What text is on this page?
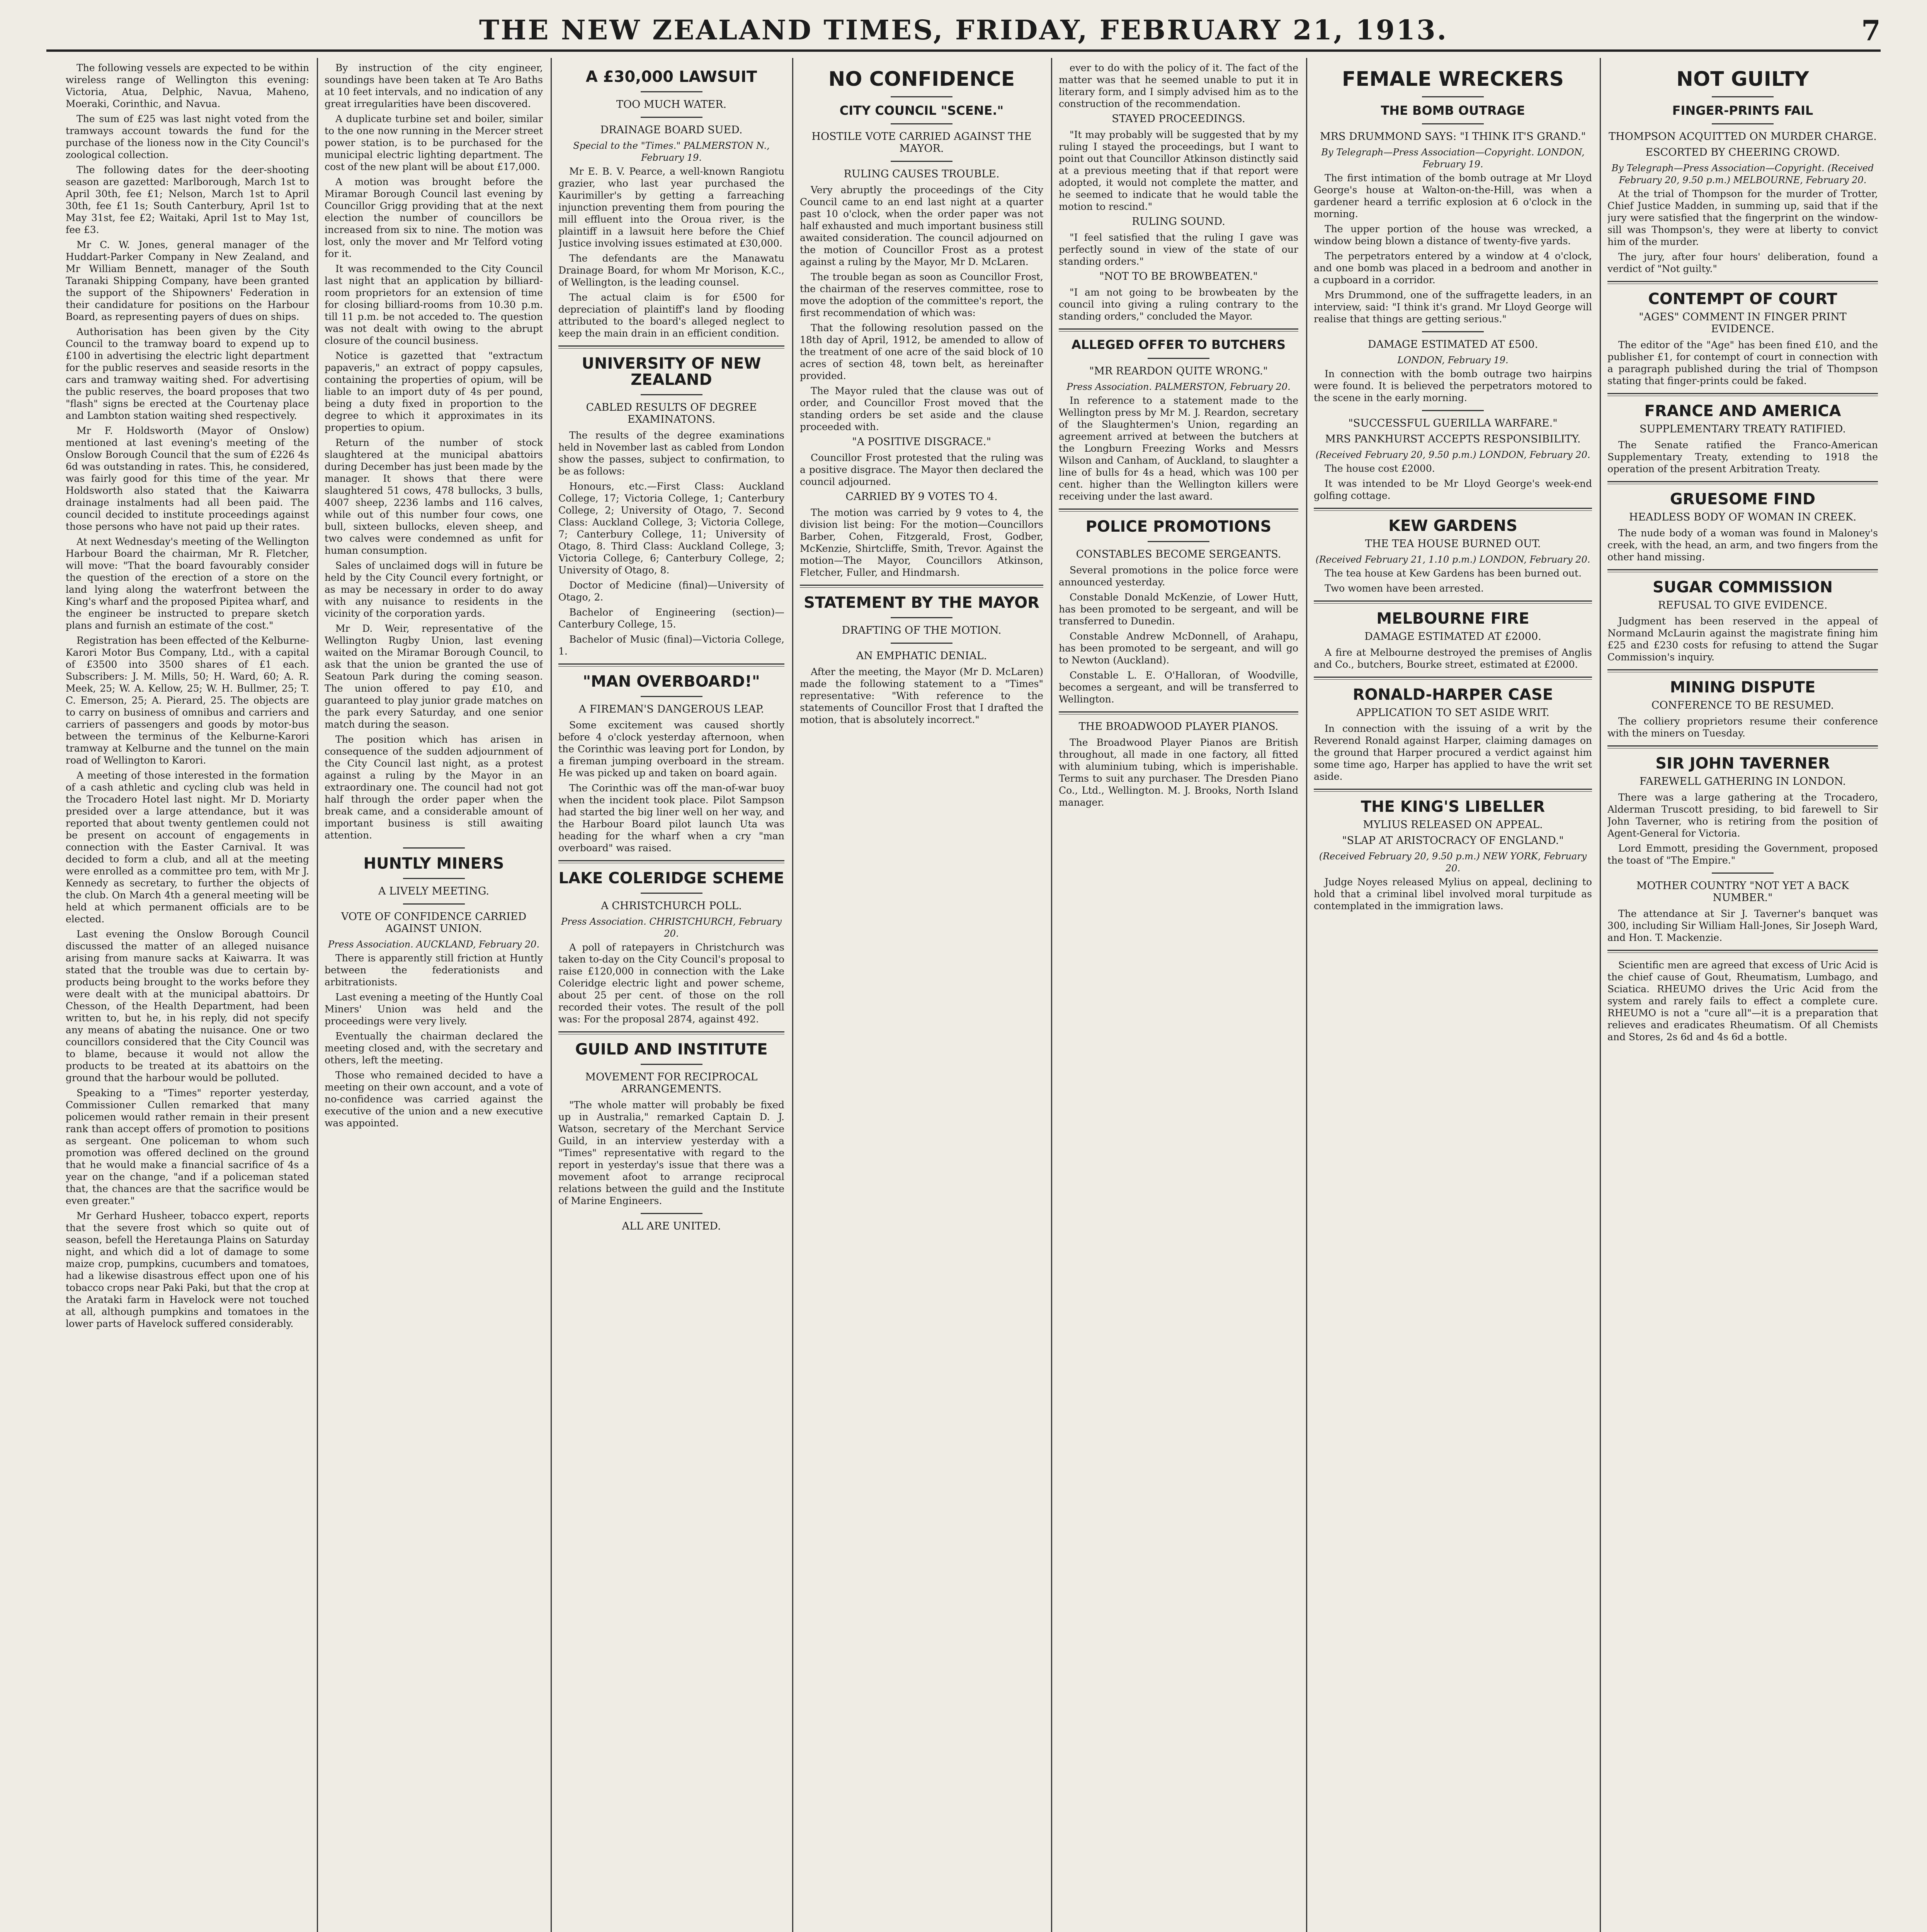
THE NEW ZEALAND TIMES, FRIDAY, FEBRUARY 21, 1913.	7

The following vessels are expected to be within wireless range of Wellington this evening: Victoria, Atua, Delphic, Navua, Maheno, Moeraki, Corinthic, and Navua.

The sum of £25 was last night voted from the tramways account towards the fund for the purchase of the lioness now in the City Council's zoological collection.

The following dates for the deer-shooting season are gazetted: Marlborough, March 1st to April 30th, fee £1; Nelson, March 1st to April 30th, fee £1 1s; South Canterbury, April 1st to May 31st, fee £2; Waitaki, April 1st to May 1st, fee £3.

Mr C. W. Jones, general manager of the Huddart-Parker Company in New Zealand, and Mr William Bennett, manager of the South Taranaki Shipping Company, have been granted the support of the Shipowners' Federation in their candidature for positions on the Harbour Board, as representing payers of dues on ships.

Authorisation has been given by the City Council to the tramway board to expend up to £100 in advertising the electric light department for the public reserves and seaside resorts in the cars and tramway waiting shed. For advertising the public reserves, the board proposes that two "flash" signs be erected at the Courtenay place and Lambton station waiting shed respectively.

Mr F. Holdsworth (Mayor of Onslow) mentioned at last evening's meeting of the Onslow Borough Council that the sum of £226 4s 6d was outstanding in rates. This, he considered, was fairly good for this time of the year. Mr Holdsworth also stated that the Kaiwarra drainage instalments had all been paid. The council decided to institute proceedings against those persons who have not paid up their rates.

At next Wednesday's meeting of the Wellington Harbour Board the chairman, Mr R. Fletcher, will move: "That the board favourably consider the question of the erection of a store on the land lying along the waterfront between the King's wharf and the proposed Pipitea wharf, and the engineer be instructed to prepare sketch plans and furnish an estimate of the cost."

Registration has been effected of the Kelburne-Karori Motor Bus Company, Ltd., with a capital of £3500 into 3500 shares of £1 each. Subscribers: J. M. Mills, 50; H. Ward, 60; A. R. Meek, 25; W. A. Kellow, 25; W. H. Bullmer, 25; T. C. Emerson, 25; A. Pierard, 25. The objects are to carry on business of omnibus and carriers and carriers of passengers and goods by motor-bus between the terminus of the Kelburne-Karori tramway at Kelburne and the tunnel on the main road of Wellington to Karori.

A meeting of those interested in the formation of a cash athletic and cycling club was held in the Trocadero Hotel last night. Mr D. Moriarty presided over a large attendance, but it was reported that about twenty gentlemen could not be present on account of engagements in connection with the Easter Carnival. It was decided to form a club, and all at the meeting were enrolled as a committee pro tem, with Mr J. Kennedy as secretary, to further the objects of the club. On March 4th a general meeting will be held at which permanent officials are to be elected.

Last evening the Onslow Borough Council discussed the matter of an alleged nuisance arising from manure sacks at Kaiwarra. It was stated that the trouble was due to certain by-products being brought to the works before they were dealt with at the municipal abattoirs. Dr Chesson, of the Health Department, had been written to, but he, in his reply, did not specify any means of abating the nuisance. One or two councillors considered that the City Council was to blame, because it would not allow the products to be treated at its abattoirs on the ground that the harbour would be polluted.

Speaking to a "Times" reporter yesterday, Commissioner Cullen remarked that many policemen would rather remain in their present rank than accept offers of promotion to positions as sergeant. One policeman to whom such promotion was offered declined on the ground that he would make a financial sacrifice of 4s a year on the change, "and if a policeman stated that, the chances are that the sacrifice would be even greater."

Mr Gerhard Husheer, tobacco expert, reports that the severe frost which so quite out of season, befell the Heretaunga Plains on Saturday night, and which did a lot of damage to some maize crop, pumpkins, cucumbers and tomatoes, had a likewise disastrous effect upon one of his tobacco crops near Paki Paki, but that the crop at the Arataki farm in Havelock were not touched at all, although pumpkins and tomatoes in the lower parts of Havelock suffered considerably.

By instruction of the city engineer, soundings have been taken at Te Aro Baths at 10 feet intervals, and no indication of any great irregularities have been discovered.

A duplicate turbine set and boiler, similar to the one now running in the Mercer street power station, is to be purchased for the municipal electric lighting department. The cost of the new plant will be about £17,000.

A motion was brought before the Miramar Borough Council last evening by Councillor Grigg providing that at the next election the number of councillors be increased from six to nine. The motion was lost, only the mover and Mr Telford voting for it.

It was recommended to the City Council last night that an application by billiard-room proprietors for an extension of time for closing billiard-rooms from 10.30 p.m. till 11 p.m. be not acceded to. The question was not dealt with owing to the abrupt closure of the council business.

Notice is gazetted that "extractum papaveris," an extract of poppy capsules, containing the properties of opium, will be liable to an import duty of 4s per pound, being a duty fixed in proportion to the degree to which it approximates in its properties to opium.

Return of the number of stock slaughtered at the municipal abattoirs during December has just been made by the manager. It shows that there were slaughtered 51 cows, 478 bullocks, 3 bulls, 4007 sheep, 2236 lambs and 116 calves, while out of this number four cows, one bull, sixteen bullocks, eleven sheep, and two calves were condemned as unfit for human consumption.

Sales of unclaimed dogs will in future be held by the City Council every fortnight, or as may be necessary in order to do away with any nuisance to residents in the vicinity of the corporation yards.

Mr D. Weir, representative of the Wellington Rugby Union, last evening waited on the Miramar Borough Council, to ask that the union be granted the use of Seatoun Park during the coming season. The union offered to pay £10, and guaranteed to play junior grade matches on the park every Saturday, and one senior match during the season.

The position which has arisen in consequence of the sudden adjournment of the City Council last night, as a protest against a ruling by the Mayor in an extraordinary one. The council had not got half through the order paper when the break came, and a considerable amount of important business is still awaiting attention.

HUNTLY MINERS
A LIVELY MEETING.
VOTE OF CONFIDENCE CARRIED AGAINST UNION.
Press Association. AUCKLAND, February 20.

There is apparently still friction at Huntly between the federationists and arbitrationists.

Last evening a meeting of the Huntly Coal Miners' Union was held and the proceedings were very lively.

Eventually the chairman declared the meeting closed and, with the secretary and others, left the meeting.

Those who remained decided to have a meeting on their own account, and a vote of no-confidence was carried against the executive of the union and a new executive was appointed.

A £30,000 LAWSUIT
TOO MUCH WATER.
DRAINAGE BOARD SUED.
Special to the "Times." PALMERSTON N., February 19.

Mr E. B. V. Pearce, a well-known Rangiotu grazier, who last year purchased the Kaurimiller's by getting a farreaching injunction preventing them from pouring the mill effluent into the Oroua river, is the plaintiff in a lawsuit here before the Chief Justice involving issues estimated at £30,000.

The defendants are the Manawatu Drainage Board, for whom Mr Morison, K.C., of Wellington, is the leading counsel.

The actual claim is for £500 for depreciation of plaintiff's land by flooding attributed to the board's alleged neglect to keep the main drain in an efficient condition.

UNIVERSITY OF NEW ZEALAND
CABLED RESULTS OF DEGREE EXAMINATONS.

The results of the degree examinations held in November last as cabled from London show the passes, subject to confirmation, to be as follows:

Honours, etc.—First Class: Auckland College, 17; Victoria College, 1; Canterbury College, 2; University of Otago, 7. Second Class: Auckland College, 3; Victoria College, 7; Canterbury College, 11; University of Otago, 8. Third Class: Auckland College, 3; Victoria College, 6; Canterbury College, 2; University of Otago, 8.

Doctor of Medicine (final)—University of Otago, 2.

Bachelor of Engineering (section)—Canterbury College, 15.

Bachelor of Music (final)—Victoria College, 1.

"MAN OVERBOARD!"
A FIREMAN'S DANGEROUS LEAP.

Some excitement was caused shortly before 4 o'clock yesterday afternoon, when the Corinthic was leaving port for London, by a fireman jumping overboard in the stream. He was picked up and taken on board again.

The Corinthic was off the man-of-war buoy when the incident took place. Pilot Sampson had started the big liner well on her way, and the Harbour Board pilot launch Uta was heading for the wharf when a cry "man overboard" was raised.

LAKE COLERIDGE SCHEME
A CHRISTCHURCH POLL.
Press Association. CHRISTCHURCH, February 20.

A poll of ratepayers in Christchurch was taken to-day on the City Council's proposal to raise £120,000 in connection with the Lake Coleridge electric light and power scheme, about 25 per cent. of those on the roll recorded their votes. The result of the poll was: For the proposal 2874, against 492.

GUILD AND INSTITUTE
MOVEMENT FOR RECIPROCAL ARRANGEMENTS.

"The whole matter will probably be fixed up in Australia," remarked Captain D. J. Watson, secretary of the Merchant Service Guild, in an interview yesterday with a "Times" representative with regard to the report in yesterday's issue that there was a movement afoot to arrange reciprocal relations between the guild and the Institute of Marine Engineers.

ALL ARE UNITED.
NO CONFIDENCE
CITY COUNCIL "SCENE."
HOSTILE VOTE CARRIED AGAINST THE MAYOR.
RULING CAUSES TROUBLE.

Very abruptly the proceedings of the City Council came to an end last night at a quarter past 10 o'clock, when the order paper was not half exhausted and much important business still awaited consideration. The council adjourned on the motion of Councillor Frost as a protest against a ruling by the Mayor, Mr D. McLaren.

The trouble began as soon as Councillor Frost, the chairman of the reserves committee, rose to move the adoption of the committee's report, the first recommendation of which was:

That the following resolution passed on the 18th day of April, 1912, be amended to allow of the treatment of one acre of the said block of 10 acres of section 48, town belt, as hereinafter provided.

The Mayor ruled that the clause was out of order, and Councillor Frost moved that the standing orders be set aside and the clause proceeded with.

"A POSITIVE DISGRACE."

Councillor Frost protested that the ruling was a positive disgrace. The Mayor then declared the council adjourned.

CARRIED BY 9 VOTES TO 4.

The motion was carried by 9 votes to 4, the division list being: For the motion—Councillors Barber, Cohen, Fitzgerald, Frost, Godber, McKenzie, Shirtcliffe, Smith, Trevor. Against the motion—The Mayor, Councillors Atkinson, Fletcher, Fuller, and Hindmarsh.

STATEMENT BY THE MAYOR
DRAFTING OF THE MOTION.
AN EMPHATIC DENIAL.

After the meeting, the Mayor (Mr D. McLaren) made the following statement to a "Times" representative: "With reference to the statements of Councillor Frost that I drafted the motion, that is absolutely incorrect."

ever to do with the policy of it. The fact of the matter was that he seemed unable to put it in literary form, and I simply advised him as to the construction of the recommendation.

STAYED PROCEEDINGS.

"It may probably will be suggested that by my ruling I stayed the proceedings, but I want to point out that Councillor Atkinson distinctly said at a previous meeting that if that report were adopted, it would not complete the matter, and he seemed to indicate that he would table the motion to rescind."

RULING SOUND.

"I feel satisfied that the ruling I gave was perfectly sound in view of the state of our standing orders."

"NOT TO BE BROWBEATEN."

"I am not going to be browbeaten by the council into giving a ruling contrary to the standing orders," concluded the Mayor.

ALLEGED OFFER TO BUTCHERS
"MR REARDON QUITE WRONG."
Press Association. PALMERSTON, February 20.

In reference to a statement made to the Wellington press by Mr M. J. Reardon, secretary of the Slaughtermen's Union, regarding an agreement arrived at between the butchers at the Longburn Freezing Works and Messrs Wilson and Canham, of Auckland, to slaughter a line of bulls for 4s a head, which was 100 per cent. higher than the Wellington killers were receiving under the last award.

POLICE PROMOTIONS
CONSTABLES BECOME SERGEANTS.

Several promotions in the police force were announced yesterday.

Constable Donald McKenzie, of Lower Hutt, has been promoted to be sergeant, and will be transferred to Dunedin.

Constable Andrew McDonnell, of Arahapu, has been promoted to be sergeant, and will go to Newton (Auckland).

Constable L. E. O'Halloran, of Woodville, becomes a sergeant, and will be transferred to Wellington.

THE BROADWOOD PLAYER PIANOS.

The Broadwood Player Pianos are British throughout, all made in one factory, all fitted with aluminium tubing, which is imperishable. Terms to suit any purchaser. The Dresden Piano Co., Ltd., Wellington. M. J. Brooks, North Island manager.

FEMALE WRECKERS
THE BOMB OUTRAGE
MRS DRUMMOND SAYS: "I THINK IT'S GRAND."
By Telegraph—Press Association—Copyright. LONDON, February 19.

The first intimation of the bomb outrage at Mr Lloyd George's house at Walton-on-the-Hill, was when a gardener heard a terrific explosion at 6 o'clock in the morning.

The upper portion of the house was wrecked, a window being blown a distance of twenty-five yards.

The perpetrators entered by a window at 4 o'clock, and one bomb was placed in a bedroom and another in a cupboard in a corridor.

Mrs Drummond, one of the suffragette leaders, in an interview, said: "I think it's grand. Mr Lloyd George will realise that things are getting serious."

DAMAGE ESTIMATED AT £500.
LONDON, February 19.

In connection with the bomb outrage two hairpins were found. It is believed the perpetrators motored to the scene in the early morning.

"SUCCESSFUL GUERILLA WARFARE."
MRS PANKHURST ACCEPTS RESPONSIBILITY.
(Received February 20, 9.50 p.m.) LONDON, February 20.

The house cost £2000.

It was intended to be Mr Lloyd George's week-end golfing cottage.

KEW GARDENS
THE TEA HOUSE BURNED OUT.
(Received February 21, 1.10 p.m.) LONDON, February 20.

The tea house at Kew Gardens has been burned out.

Two women have been arrested.

MELBOURNE FIRE
DAMAGE ESTIMATED AT £2000.

A fire at Melbourne destroyed the premises of Anglis and Co., butchers, Bourke street, estimated at £2000.

RONALD-HARPER CASE
APPLICATION TO SET ASIDE WRIT.

In connection with the issuing of a writ by the Reverend Ronald against Harper, claiming damages on the ground that Harper procured a verdict against him some time ago, Harper has applied to have the writ set aside.

THE KING'S LIBELLER
MYLIUS RELEASED ON APPEAL.
"SLAP AT ARISTOCRACY OF ENGLAND."
(Received February 20, 9.50 p.m.) NEW YORK, February 20.

Judge Noyes released Mylius on appeal, declining to hold that a criminal libel involved moral turpitude as contemplated in the immigration laws.

NOT GUILTY
FINGER-PRINTS FAIL
THOMPSON ACQUITTED ON MURDER CHARGE.
ESCORTED BY CHEERING CROWD.
By Telegraph—Press Association—Copyright. (Received February 20, 9.50 p.m.) MELBOURNE, February 20.

At the trial of Thompson for the murder of Trotter, Chief Justice Madden, in summing up, said that if the jury were satisfied that the fingerprint on the window-sill was Thompson's, they were at liberty to convict him of the murder.

The jury, after four hours' deliberation, found a verdict of "Not guilty."

CONTEMPT OF COURT
"AGES" COMMENT IN FINGER PRINT EVIDENCE.

The editor of the "Age" has been fined £10, and the publisher £1, for contempt of court in connection with a paragraph published during the trial of Thompson stating that finger-prints could be faked.

FRANCE AND AMERICA
SUPPLEMENTARY TREATY RATIFIED.

The Senate ratified the Franco-American Supplementary Treaty, extending to 1918 the operation of the present Arbitration Treaty.

GRUESOME FIND
HEADLESS BODY OF WOMAN IN CREEK.

The nude body of a woman was found in Maloney's creek, with the head, an arm, and two fingers from the other hand missing.

SUGAR COMMISSION
REFUSAL TO GIVE EVIDENCE.

Judgment has been reserved in the appeal of Normand McLaurin against the magistrate fining him £25 and £230 costs for refusing to attend the Sugar Commission's inquiry.

MINING DISPUTE
CONFERENCE TO BE RESUMED.

The colliery proprietors resume their conference with the miners on Tuesday.

SIR JOHN TAVERNER
FAREWELL GATHERING IN LONDON.

There was a large gathering at the Trocadero, Alderman Truscott presiding, to bid farewell to Sir John Taverner, who is retiring from the position of Agent-General for Victoria.

Lord Emmott, presiding the Government, proposed the toast of "The Empire."

MOTHER COUNTRY "NOT YET A BACK NUMBER."

The attendance at Sir J. Taverner's banquet was 300, including Sir William Hall-Jones, Sir Joseph Ward, and Hon. T. Mackenzie.

Scientific men are agreed that excess of Uric Acid is the chief cause of Gout, Rheumatism, Lumbago, and Sciatica. RHEUMO drives the Uric Acid from the system and rarely fails to effect a complete cure. RHEUMO is not a "cure all"—it is a preparation that relieves and eradicates Rheumatism. Of all Chemists and Stores, 2s 6d and 4s 6d a bottle.
